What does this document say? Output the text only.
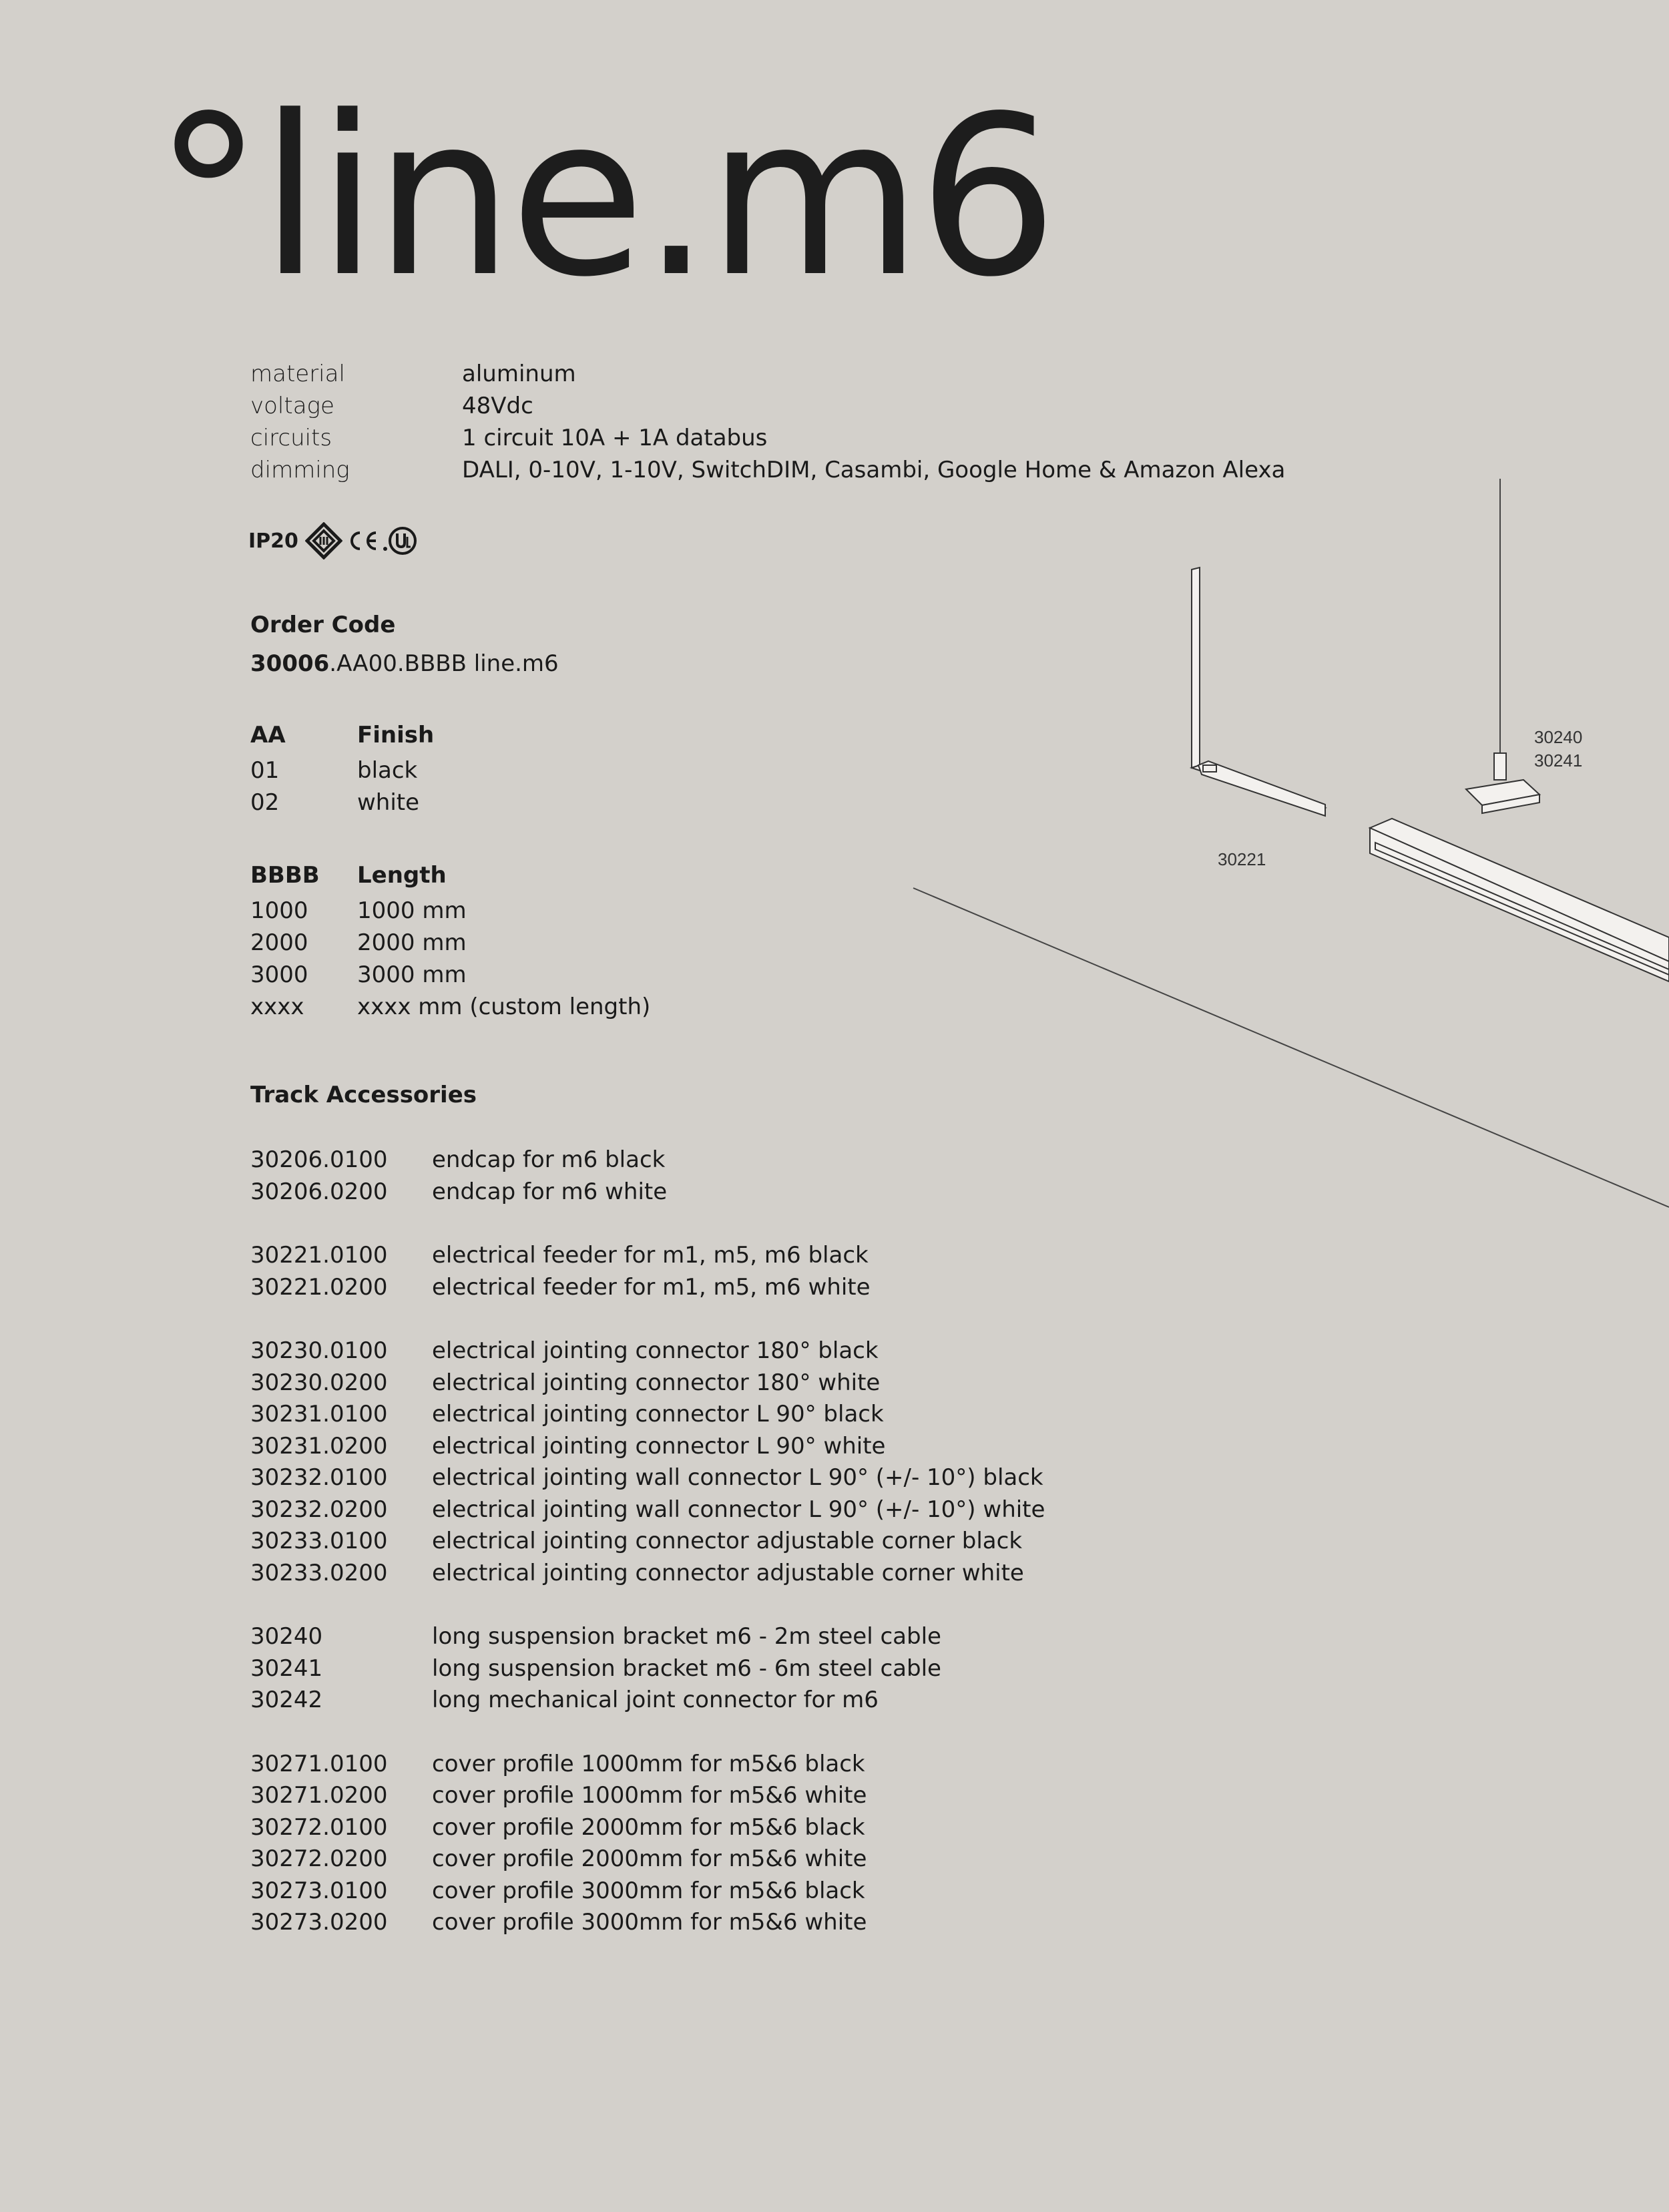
°line.m6
material	aluminum
voltage	48Vdc
circuits	1 circuit 10A + 1A databus
dimming	DALI, 0-10V, 1-10V, SwitchDIM, Casambi, Google Home & Amazon Alexa
IP20
Order Code
30006.AA00.BBBB line.m6
AA	Finish
01	black
02	white
BBBB Length
1000 1000 mm
2000 2000 mm
3000 3000 mm
xxxx xxxx mm (custom length)
Track Accessories
30206.0100 endcap for m6 black
30206.0200 endcap for m6 white
30221.0100 electrical feeder for m1, m5, m6 black
30221.0200 electrical feeder for m1, m5, m6 white
30230.0100 electrical jointing connector 180° black
30230.0200 electrical jointing connector 180° white
30231.0100 electrical jointing connector L 90° black
30231.0200 electrical jointing connector L 90° white
30232.0100 electrical jointing wall connector L 90° (+/- 10°) black
30232.0200 electrical jointing wall connector L 90° (+/- 10°) white
30233.0100 electrical jointing connector adjustable corner black
30233.0200 electrical jointing connector adjustable corner white
30240	long suspension bracket m6 - 2m steel cable
30241	long suspension bracket m6 - 6m steel cable
30242	long mechanical joint connector for m6
30271.0100 cover profile 1000mm for m5&6 black
30271.0200 cover profile 1000mm for m5&6 white
30272.0100 cover profile 2000mm for m5&6 black
30272.0200 cover profile 2000mm for m5&6 white
30273.0100 cover profile 3000mm for m5&6 black
30273.0200 cover profile 3000mm for m5&6 white
30221
30240
30241
